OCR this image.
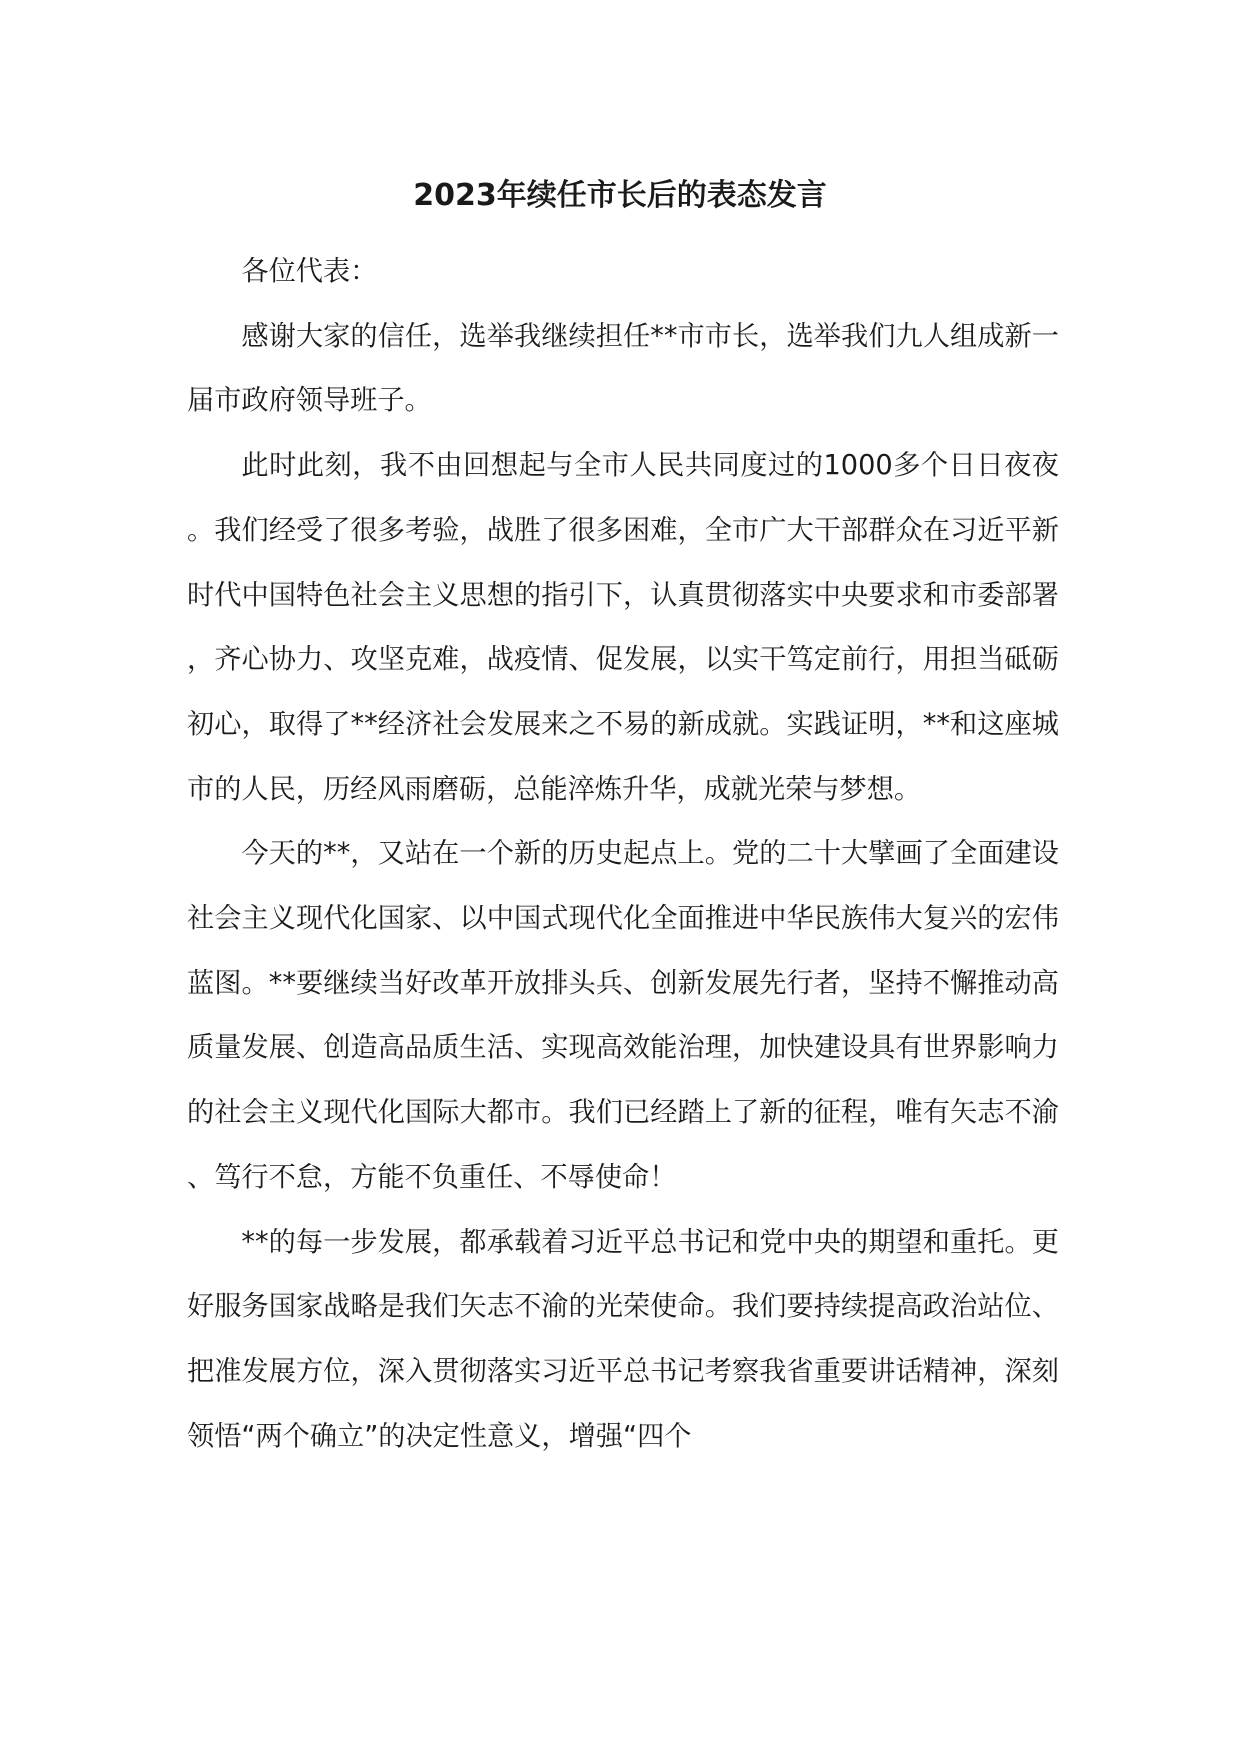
2023年续任市长后的表态发言

各位代表：

感谢大家的信任，选举我继续担任**市市长，选举我们九人组成新一届市政府领导班子。

此时此刻，我不由回想起与全市人民共同度过的1000多个日日夜夜。我们经受了很多考验，战胜了很多困难，全市广大干部群众在习近平新时代中国特色社会主义思想的指引下，认真贯彻落实中央要求和市委部署，齐心协力、攻坚克难，战疫情、促发展，以实干笃定前行，用担当砥砺初心，取得了**经济社会发展来之不易的新成就。实践证明，**和这座城市的人民，历经风雨磨砺，总能淬炼升华，成就光荣与梦想。

今天的**，又站在一个新的历史起点上。党的二十大擘画了全面建设社会主义现代化国家、以中国式现代化全面推进中华民族伟大复兴的宏伟蓝图。**要继续当好改革开放排头兵、创新发展先行者，坚持不懈推动高质量发展、创造高品质生活、实现高效能治理，加快建设具有世界影响力的社会主义现代化国际大都市。我们已经踏上了新的征程，唯有矢志不渝、笃行不怠，方能不负重任、不辱使命！

**的每一步发展，都承载着习近平总书记和党中央的期望和重托。更好服务国家战略是我们矢志不渝的光荣使命。我们要持续提高政治站位、把准发展方位，深入贯彻落实习近平总书记考察我省重要讲话精神，深刻领悟“两个确立”的决定性意义，增强“四个
